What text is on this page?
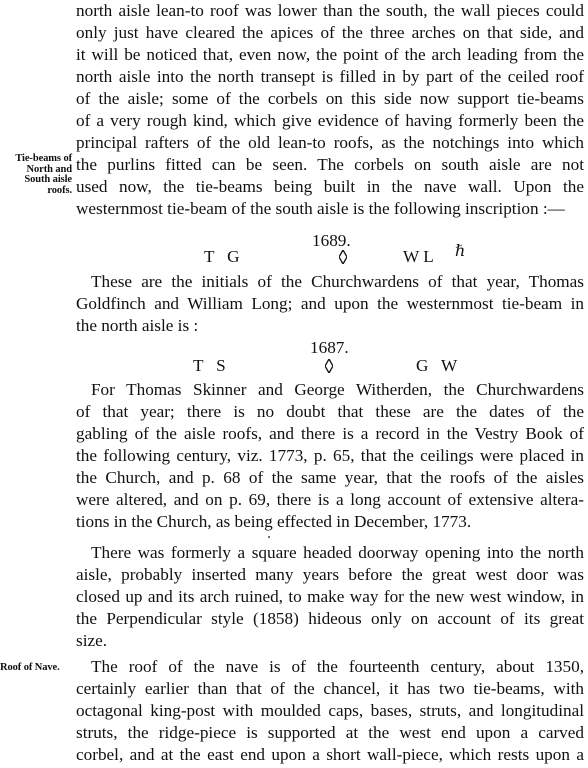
north aisle lean-to roof was lower than the south, the wall pieces could
only just have cleared the apices of the three arches on that side, and
it will be noticed that, even now, the point of the arch leading from the
north aisle into the north transept is filled in by part of the ceiled roof
of the aisle; some of the corbels on this side now support tie-beams
of a very rough kind, which give evidence of having formerly been the
principal rafters of the old lean-to roofs, as the notchings into which
the purlins fitted can be seen. The corbels on south aisle are not
used now, the tie-beams being built in the nave wall. Upon the
westernmost tie-beam of the south aisle is the following inscription :—
Tie-beams of
North and
South aisle
roofs.
1689.
T   G	W L ℏ
These are the initials of the Churchwardens of that year, Thomas
Goldfinch and William Long; and upon the westernmost tie-beam in
the north aisle is :
1687.
T   S	G   W
For Thomas Skinner and George Witherden, the Churchwardens
of that year; there is no doubt that these are the dates of the
gabling of the aisle roofs, and there is a record in the Vestry Book of
the following century, viz. 1773, p. 65, that the ceilings were placed in
the Church, and p. 68 of the same year, that the roofs of the aisles
were altered, and on p. 69, there is a long account of extensive altera-
tions in the Church, as being effected in December, 1773.
There was formerly a square headed doorway opening into the north
aisle, probably inserted many years before the great west door was
closed up and its arch ruined, to make way for the new west window, in
the Perpendicular style (1858) hideous only on account of its great
size.
Roof of Nave.	The roof of the nave is of the fourteenth century, about 1350,
certainly earlier than that of the chancel, it has two tie-beams, with
octagonal king-post with moulded caps, bases, struts, and longitudinal
struts, the ridge-piece is supported at the west end upon a carved
corbel, and at the east end upon a short wall-piece, which rests upon a
